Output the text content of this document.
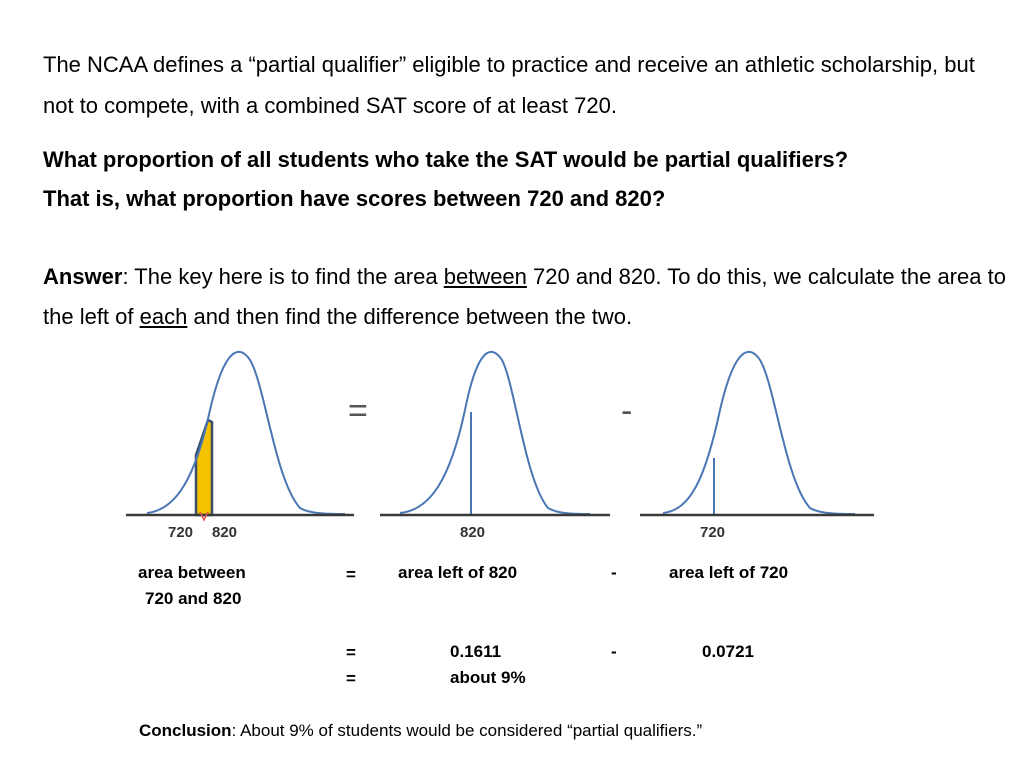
The NCAA defines a “partial qualifier” eligible to practice and receive an athletic scholarship, but not to compete, with a combined SAT score of at least 720.

What proportion of all students who take the SAT would be partial qualifiers?
That is, what proportion have scores between 720 and 820?

Answer: The key here is to find the area between 720 and 820. To do this, we calculate the area to the left of each and then find the difference between the two.

720 820
=
820
-
720
area between
720 and 820
= area left of 820	-	area left of 720
=	0.1611	-	0.0721
=	about 9%
Conclusion: About 9% of students would be considered “partial qualifiers.”
